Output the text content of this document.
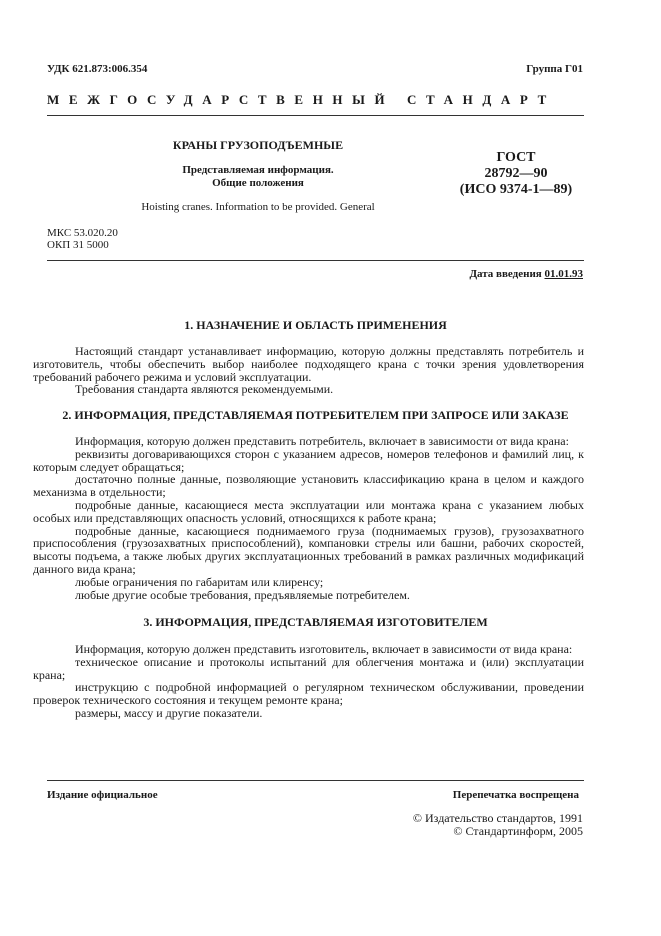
УДК 621.873:006.354	Группа Г01
МЕЖГОСУДАРСТВЕННЫЙ СТАНДАРТ
КРАНЫ ГРУЗОПОДЪЕМНЫЕ
Представляемая информация.
Общие положения
Hoisting cranes. Information to be provided. General
ГОСТ
28792—90
(ИСО 9374-1—89)
МКС 53.020.20
ОКП 31 5000
Дата введения 01.01.93
1. НАЗНАЧЕНИЕ И ОБЛАСТЬ ПРИМЕНЕНИЯ

Настоящий стандарт устанавливает информацию, которую должны представлять потребитель и изготовитель, чтобы обеспечить выбор наиболее подходящего крана с точки зрения удовлетворения требований рабочего режима и условий эксплуатации.

Требования стандарта являются рекомендуемыми.

2. ИНФОРМАЦИЯ, ПРЕДСТАВЛЯЕМАЯ ПОТРЕБИТЕЛЕМ ПРИ ЗАПРОСЕ ИЛИ ЗАКАЗЕ

Информация, которую должен представить потребитель, включает в зависимости от вида крана:

реквизиты договаривающихся сторон с указанием адресов, номеров телефонов и фамилий лиц, к которым следует обращаться;

достаточно полные данные, позволяющие установить классификацию крана в целом и каждого механизма в отдельности;

подробные данные, касающиеся места эксплуатации или монтажа крана с указанием любых особых или представляющих опасность условий, относящихся к работе крана;

подробные данные, касающиеся поднимаемого груза (поднимаемых грузов), грузозахватного приспособления (грузозахватных приспособлений), компановки стрелы или башни, рабочих скоростей, высоты подъема, а также любых других эксплуатационных требований в рамках различных модификаций данного вида крана;

любые ограничения по габаритам или клиренсу;

любые другие особые требования, предъявляемые потребителем.

3. ИНФОРМАЦИЯ, ПРЕДСТАВЛЯЕМАЯ ИЗГОТОВИТЕЛЕМ

Информация, которую должен представить изготовитель, включает в зависимости от вида крана:

техническое описание и протоколы испытаний для облегчения монтажа и (или) эксплуатации крана;

инструкцию с подробной информацией о регулярном техническом обслуживании, проведении проверок технического состояния и текущем ремонте крана;

размеры, массу и другие показатели.

Издание официальное	Перепечатка воспрещена
© Издательство стандартов, 1991
© Стандартинформ, 2005
